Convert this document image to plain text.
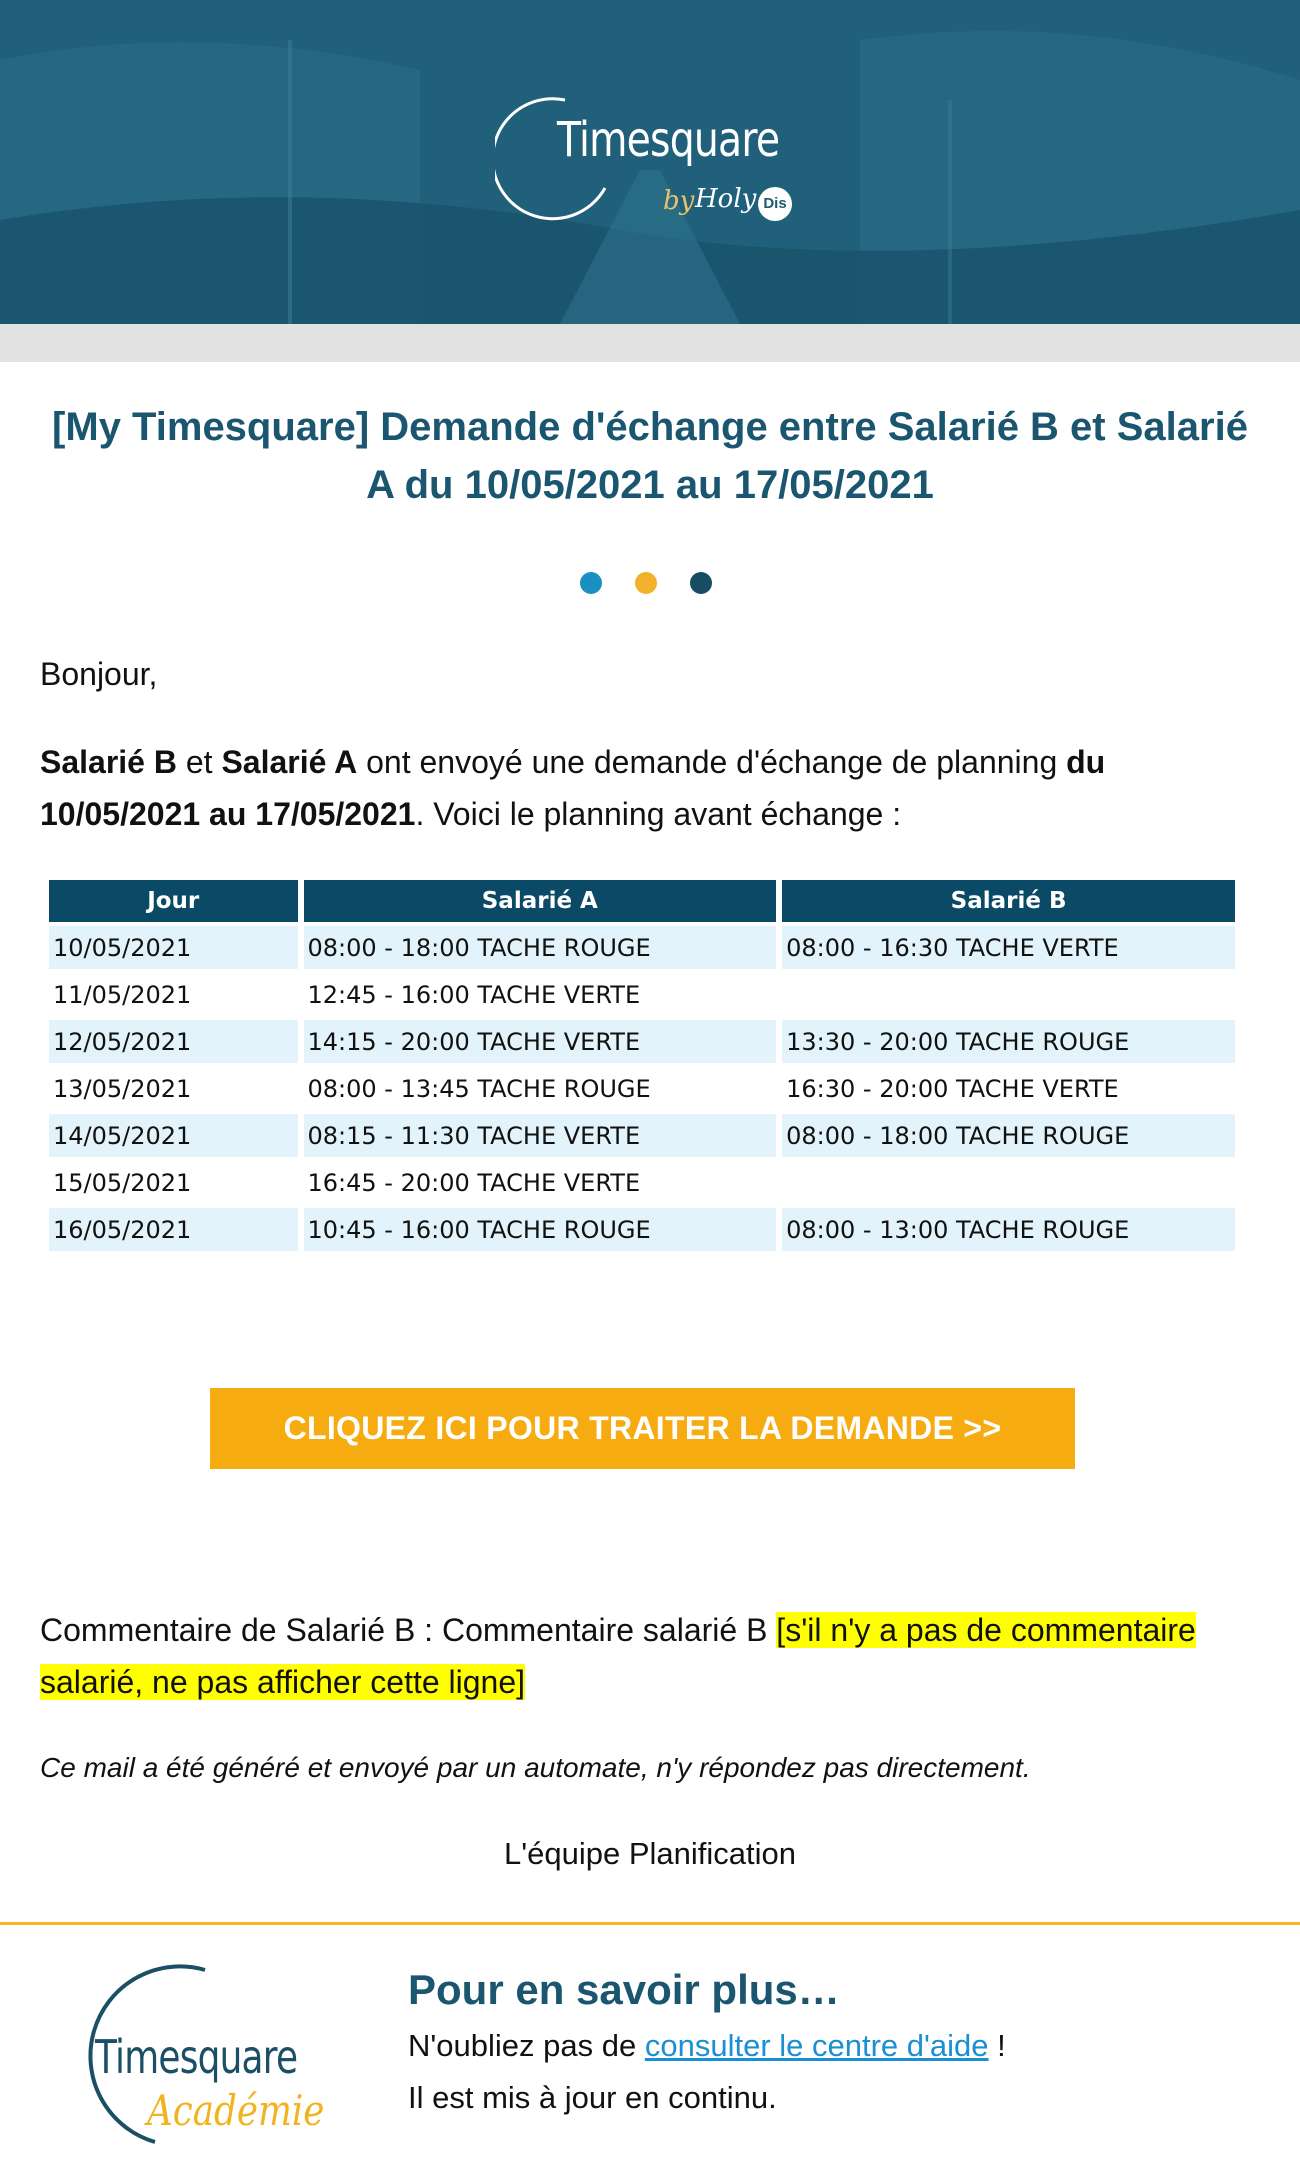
Timesquare
by Holy Dis
[My Timesquare] Demande d'échange entre Salarié B et Salarié A du 10/05/2021 au 17/05/2021
Bonjour,
Salarié B et Salarié A ont envoyé une demande d'échange de planning du 10/05/2021 au 17/05/2021. Voici le planning avant échange :
Jour	Salarié A	Salarié B
10/05/2021	08:00 - 18:00 TACHE ROUGE	08:00 - 16:30 TACHE VERTE
11/05/2021	12:45 - 16:00 TACHE VERTE	
12/05/2021	14:15 - 20:00 TACHE VERTE	13:30 - 20:00 TACHE ROUGE
13/05/2021	08:00 - 13:45 TACHE ROUGE	16:30 - 20:00 TACHE VERTE
14/05/2021	08:15 - 11:30 TACHE VERTE	08:00 - 18:00 TACHE ROUGE
15/05/2021	16:45 - 20:00 TACHE VERTE	
16/05/2021	10:45 - 16:00 TACHE ROUGE	08:00 - 13:00 TACHE ROUGE
CLIQUEZ ICI POUR TRAITER LA DEMANDE >>
Commentaire de Salarié B : Commentaire salarié B [s'il n'y a pas de commentaire salarié, ne pas afficher cette ligne]
Ce mail a été généré et envoyé par un automate, n'y répondez pas directement.
L'équipe Planification
Timesquare
Académie
Pour en savoir plus…
N'oubliez pas de consulter le centre d'aide !
Il est mis à jour en continu.
